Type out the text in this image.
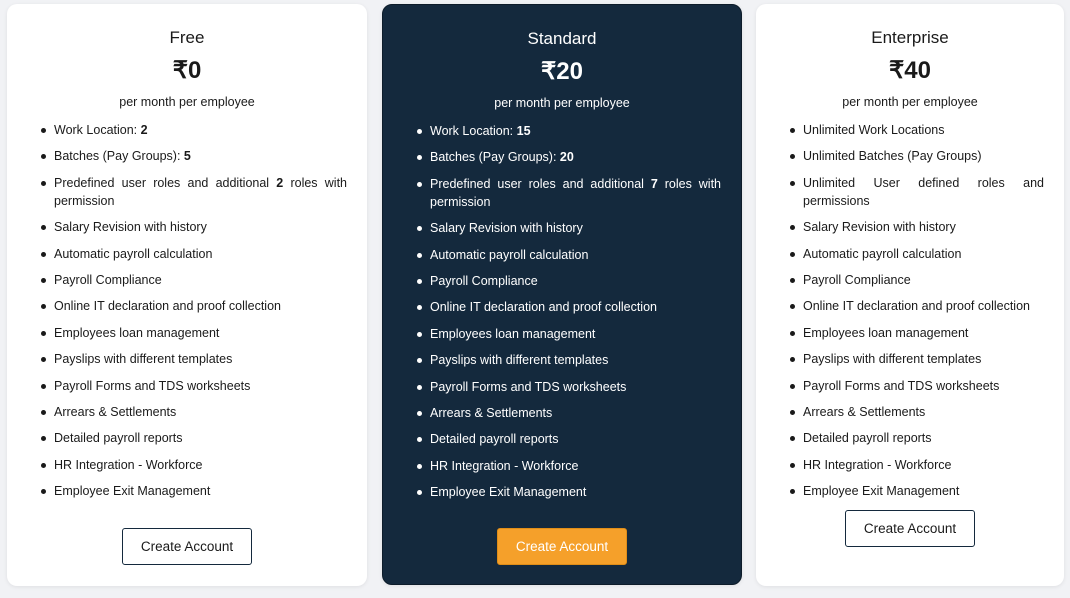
Free
₹0
per month per employee
Work Location: 2
Batches (Pay Groups): 5
Predefined user roles and additional 2 roles with permission
Salary Revision with history
Automatic payroll calculation
Payroll Compliance
Online IT declaration and proof collection
Employees loan management
Payslips with different templates
Payroll Forms and TDS worksheets
Arrears & Settlements
Detailed payroll reports
HR Integration - Workforce
Employee Exit Management
Create Account
Standard
₹20
per month per employee
Work Location: 15
Batches (Pay Groups): 20
Predefined user roles and additional 7 roles with permission
Salary Revision with history
Automatic payroll calculation
Payroll Compliance
Online IT declaration and proof collection
Employees loan management
Payslips with different templates
Payroll Forms and TDS worksheets
Arrears & Settlements
Detailed payroll reports
HR Integration - Workforce
Employee Exit Management
Create Account
Enterprise
₹40
per month per employee
Unlimited Work Locations
Unlimited Batches (Pay Groups)
Unlimited User defined roles and permissions
Salary Revision with history
Automatic payroll calculation
Payroll Compliance
Online IT declaration and proof collection
Employees loan management
Payslips with different templates
Payroll Forms and TDS worksheets
Arrears & Settlements
Detailed payroll reports
HR Integration - Workforce
Employee Exit Management
Create Account
